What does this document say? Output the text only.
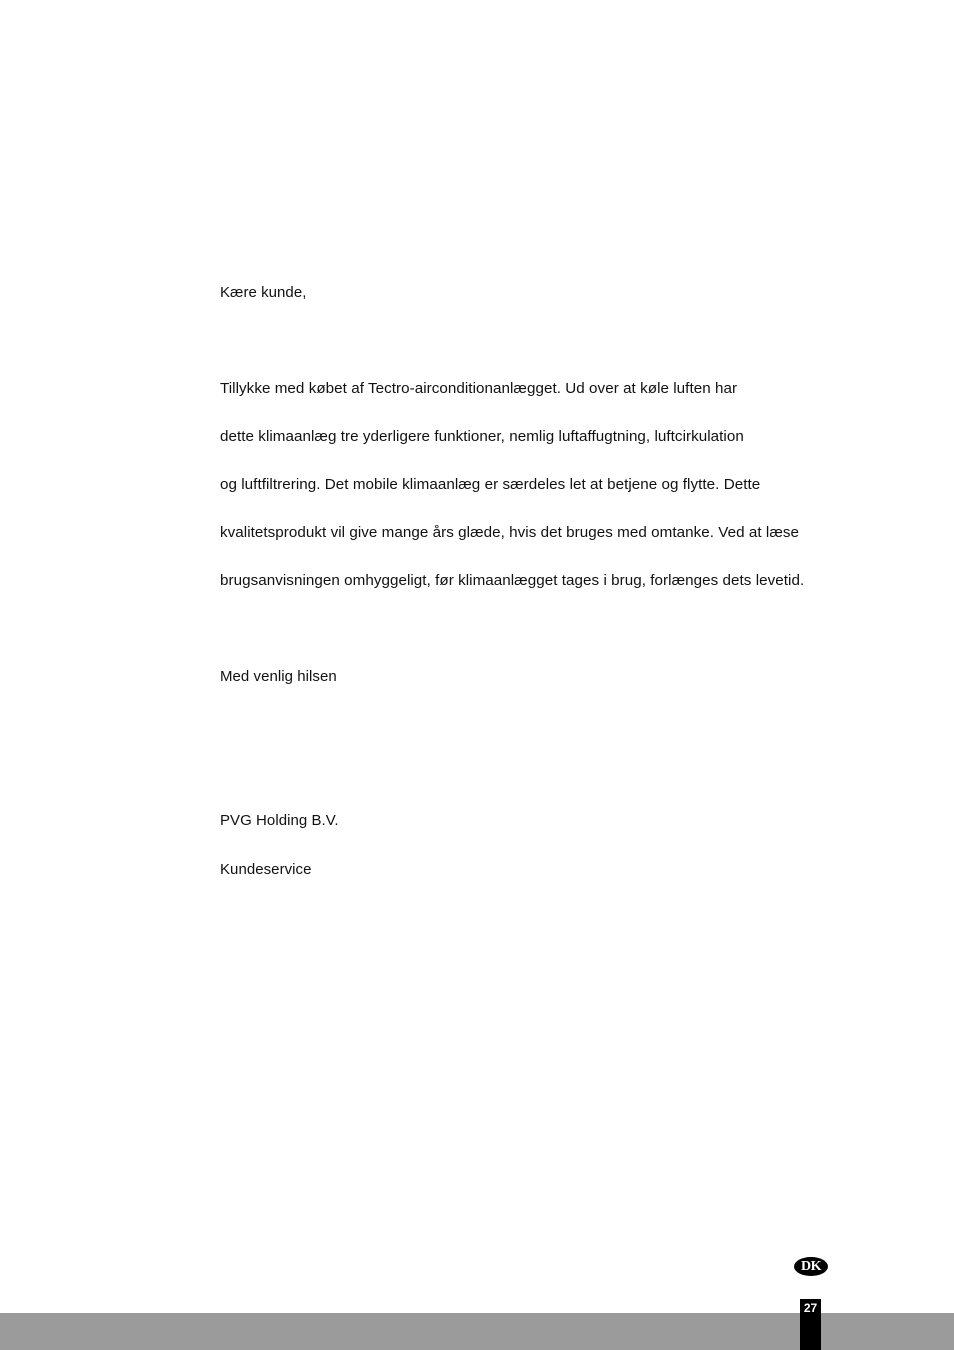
Kære kunde,
Tillykke med købet af Tectro-airconditionanlægget. Ud over at køle luften har
dette klimaanlæg tre yderligere funktioner, nemlig luftaffugtning, luftcirkulation
og luftfiltrering. Det mobile klimaanlæg er særdeles let at betjene og flytte. Dette
kvalitetsprodukt vil give mange års glæde, hvis det bruges med omtanke. Ved at læse
brugsanvisningen omhyggeligt, før klimaanlægget tages i brug, forlænges dets levetid.
Med venlig hilsen
PVG Holding B.V.
Kundeservice
DK
27
